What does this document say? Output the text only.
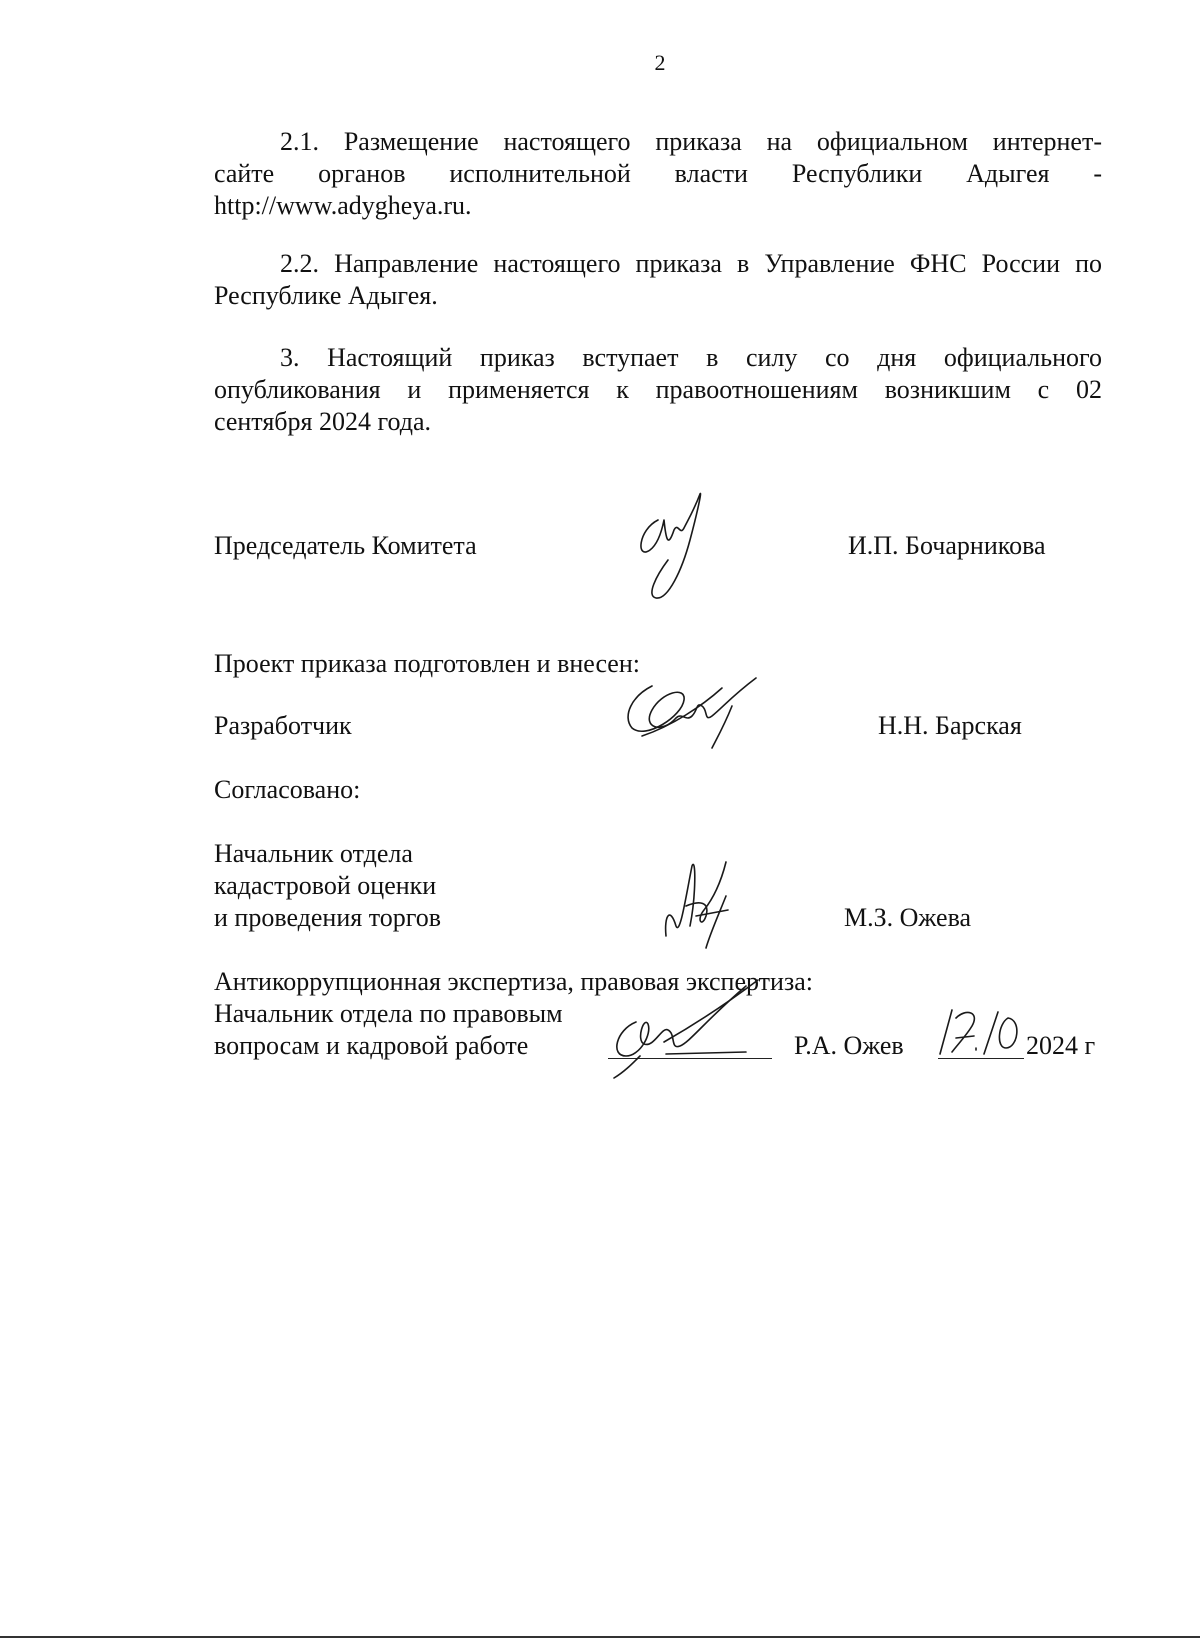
2
2.1. Размещение настоящего приказа на официальном интернет-
сайте органов исполнительной власти Республики Адыгея -
http://www.adygheya.ru.
2.2. Направление настоящего приказа в Управление ФНС России по
Республике Адыгея.
3. Настоящий приказ вступает в силу со дня официального
опубликования и применяется к правоотношениям возникшим с 02
сентября 2024 года.
Председатель Комитета	И.П. Бочарникова
Проект приказа подготовлен и внесен:
Разработчик	Н.Н. Барская
Согласовано:
Начальник отдела
кадастровой оценки
и проведения торгов	М.З. Ожева
Антикоррупционная экспертиза, правовая экспертиза:
Начальник отдела по правовым
вопросам и кадровой работе	Р.А. Ожев	2024 г
